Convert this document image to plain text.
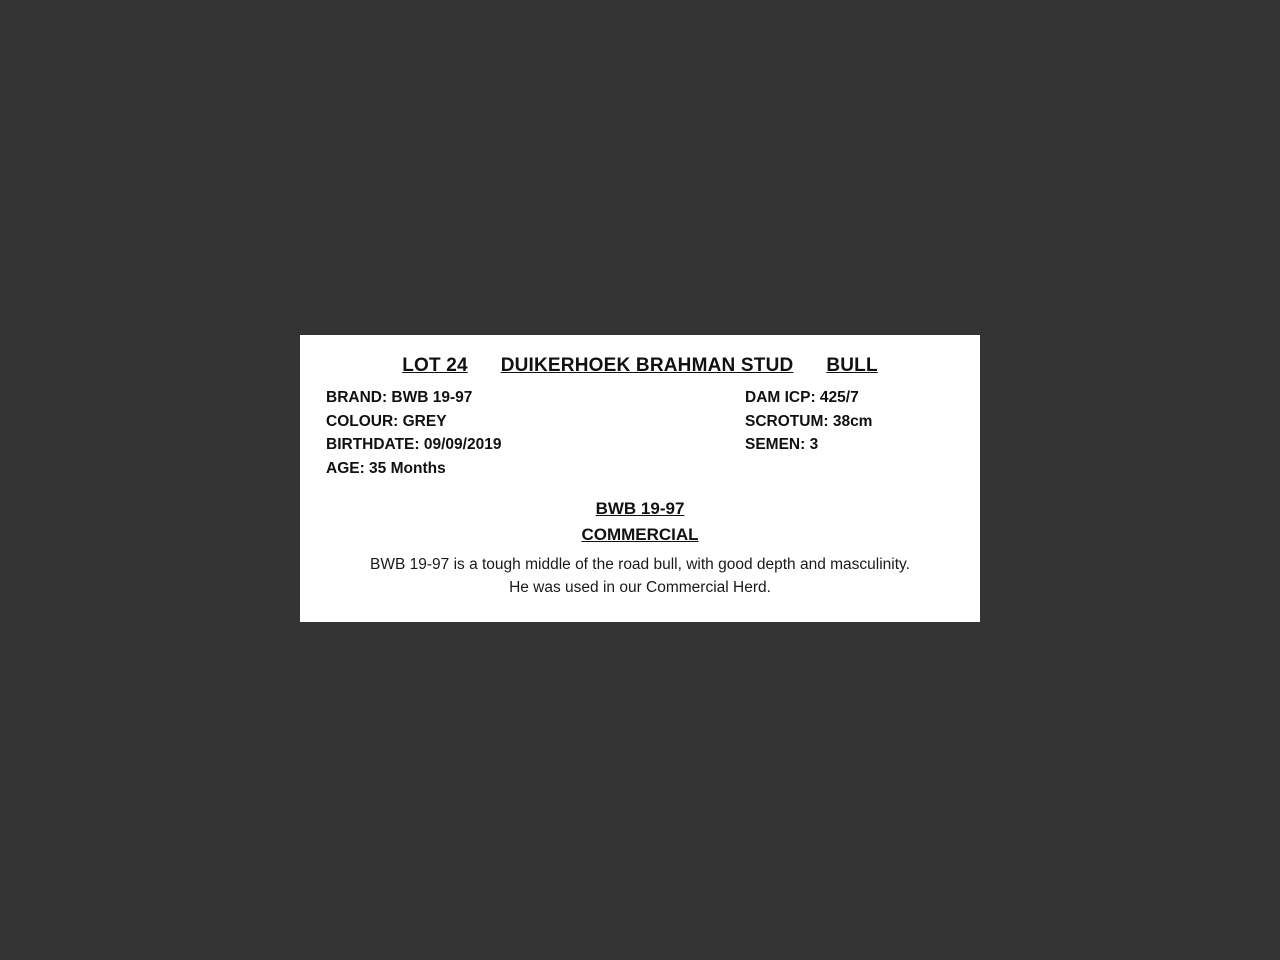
LOT 24 DUIKERHOEK BRAHMAN STUD BULL
BRAND: BWB 19-97
COLOUR: GREY
BIRTHDATE: 09/09/2019
AGE: 35 Months
DAM ICP: 425/7
SCROTUM: 38cm
SEMEN: 3
BWB 19-97
COMMERCIAL

BWB 19-97 is a tough middle of the road bull, with good depth and masculinity.

He was used in our Commercial Herd.
